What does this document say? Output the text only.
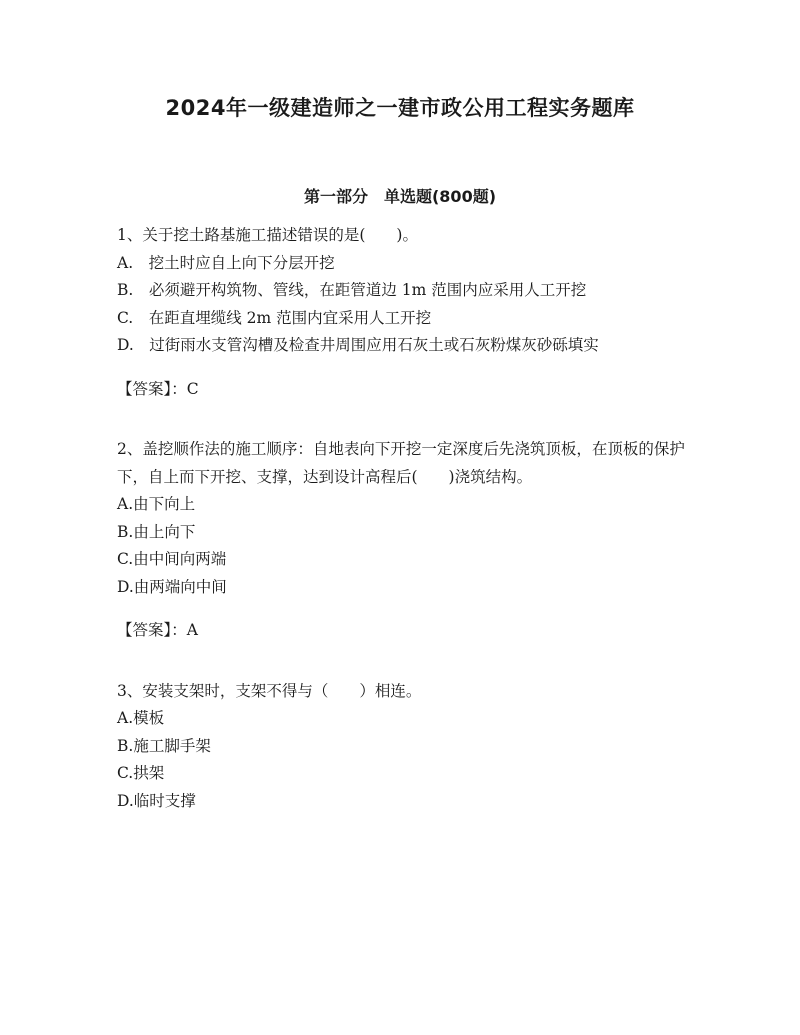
2024年一级建造师之一建市政公用工程实务题库
第一部分　单选题(800题)

1、关于挖土路基施工描述错误的是(　　)。

A.　挖土时应自上向下分层开挖

B.　必须避开构筑物、管线，在距管道边 1m 范围内应采用人工开挖

C.　在距直埋缆线 2m 范围内宜采用人工开挖

D.　过街雨水支管沟槽及检查井周围应用石灰土或石灰粉煤灰砂砾填实

【答案】：C

2、盖挖顺作法的施工顺序：自地表向下开挖一定深度后先浇筑顶板，在顶板的保护下，自上而下开挖、支撑，达到设计高程后(　　)浇筑结构。

A.由下向上

B.由上向下

C.由中间向两端

D.由两端向中间

【答案】：A

3、安装支架时，支架不得与（　　）相连。

A.模板

B.施工脚手架

C.拱架

D.临时支撑
